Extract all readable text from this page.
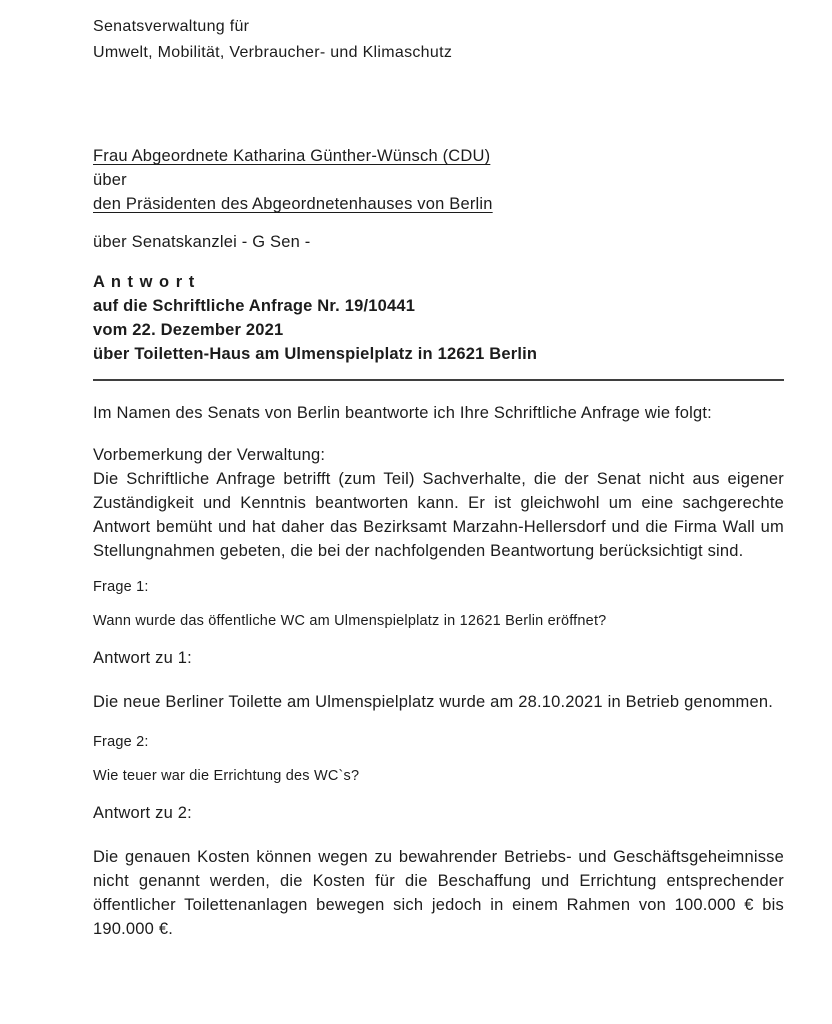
Senatsverwaltung für
Umwelt, Mobilität, Verbraucher- und Klimaschutz
Frau Abgeordnete Katharina Günther-Wünsch (CDU)
über
den Präsidenten des Abgeordnetenhauses von Berlin
über Senatskanzlei - G Sen -
A n t w o r t
auf die Schriftliche Anfrage Nr. 19/10441
vom 22. Dezember 2021
über Toiletten-Haus am Ulmenspielplatz in 12621 Berlin
Im Namen des Senats von Berlin beantworte ich Ihre Schriftliche Anfrage wie folgt:
Vorbemerkung der Verwaltung:
Die Schriftliche Anfrage betrifft (zum Teil) Sachverhalte, die der Senat nicht aus eigener Zuständigkeit und Kenntnis beantworten kann. Er ist gleichwohl um eine sachgerechte Antwort bemüht und hat daher das Bezirksamt Marzahn-Hellersdorf und die Firma Wall um Stellungnahmen gebeten, die bei der nachfolgenden Beantwortung berücksichtigt sind.
Frage 1:
Wann wurde das öffentliche WC am Ulmenspielplatz in 12621 Berlin eröffnet?
Antwort zu 1:
Die neue Berliner Toilette am Ulmenspielplatz wurde am 28.10.2021 in Betrieb genommen.
Frage 2:
Wie teuer war die Errichtung des WC`s?
Antwort zu 2:
Die genauen Kosten können wegen zu bewahrender Betriebs- und Geschäftsgeheimnisse nicht genannt werden, die Kosten für die Beschaffung und Errichtung entsprechender öffentlicher Toilettenanlagen bewegen sich jedoch in einem Rahmen von 100.000 € bis 190.000 €.
